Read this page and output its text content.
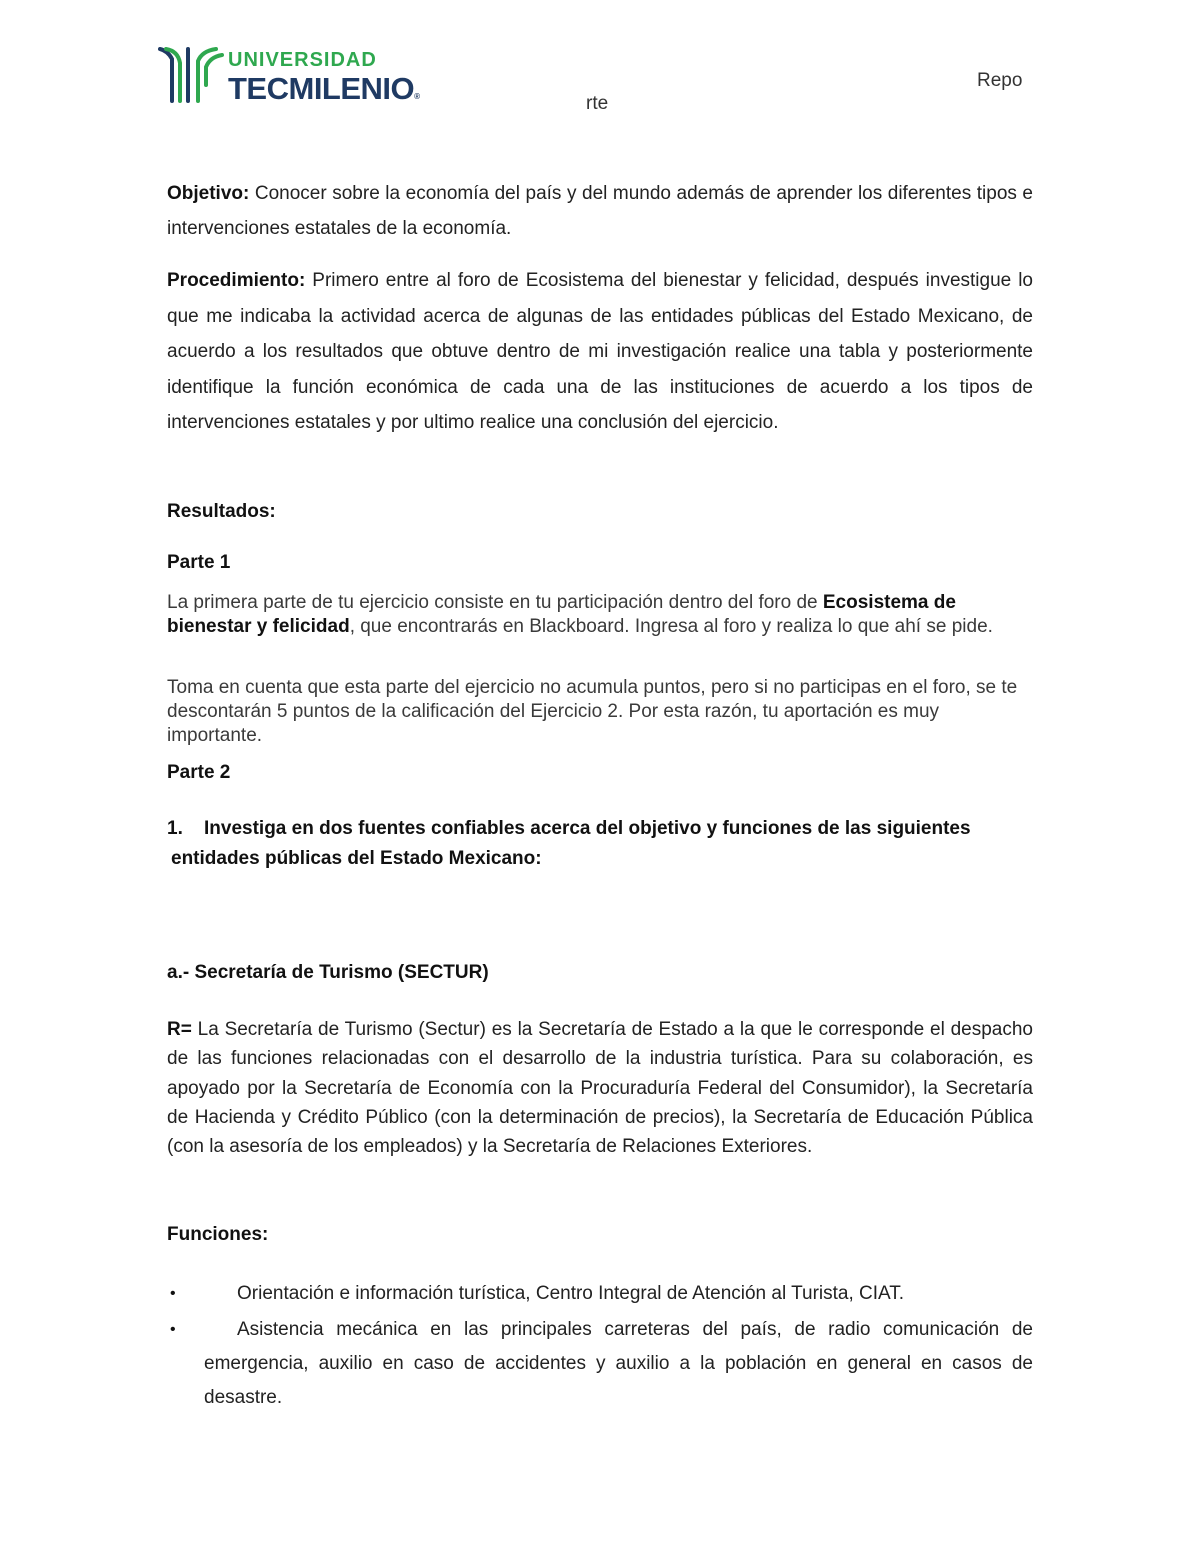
UNIVERSIDAD
TECMILENIO®
Repo
rte

Objetivo: Conocer sobre la economía del país y del mundo además de aprender los diferentes tipos e intervenciones estatales de la economía.

Procedimiento: Primero entre al foro de Ecosistema del bienestar y felicidad, después investigue lo que me indicaba la actividad acerca de algunas de las entidades públicas del Estado Mexicano, de acuerdo a los resultados que obtuve dentro de mi investigación realice una tabla y posteriormente identifique la función económica de cada una de las instituciones de acuerdo a los tipos de intervenciones estatales y por ultimo realice una conclusión del ejercicio.

Resultados:
Parte 1

La primera parte de tu ejercicio consiste en tu participación dentro del foro de Ecosistema de bienestar y felicidad, que encontrarás en Blackboard. Ingresa al foro y realiza lo que ahí se pide.

Toma en cuenta que esta parte del ejercicio no acumula puntos, pero si no participas en el foro, se te descontarán 5 puntos de la calificación del Ejercicio 2. Por esta razón, tu aportación es muy importante.

Parte 2
1.	Investiga en dos fuentes confiables acerca del objetivo y funciones de las siguientes entidades públicas del Estado Mexicano:
a.- Secretaría de Turismo (SECTUR)

R= La Secretaría de Turismo (Sectur) es la Secretaría de Estado a la que le corresponde el despacho de las funciones relacionadas con el desarrollo de la industria turística. Para su colaboración, es apoyado por la Secretaría de Economía con la Procuraduría Federal del Consumidor), la Secretaría de Hacienda y Crédito Público (con la determinación de precios), la Secretaría de Educación Pública (con la asesoría de los empleados) y la Secretaría de Relaciones Exteriores.

Funciones:
•	Orientación e información turística, Centro Integral de Atención al Turista, CIAT.
•	Asistencia mecánica en las principales carreteras del país, de radio comunicación de emergencia, auxilio en caso de accidentes y auxilio a la población en general en casos de desastre.
